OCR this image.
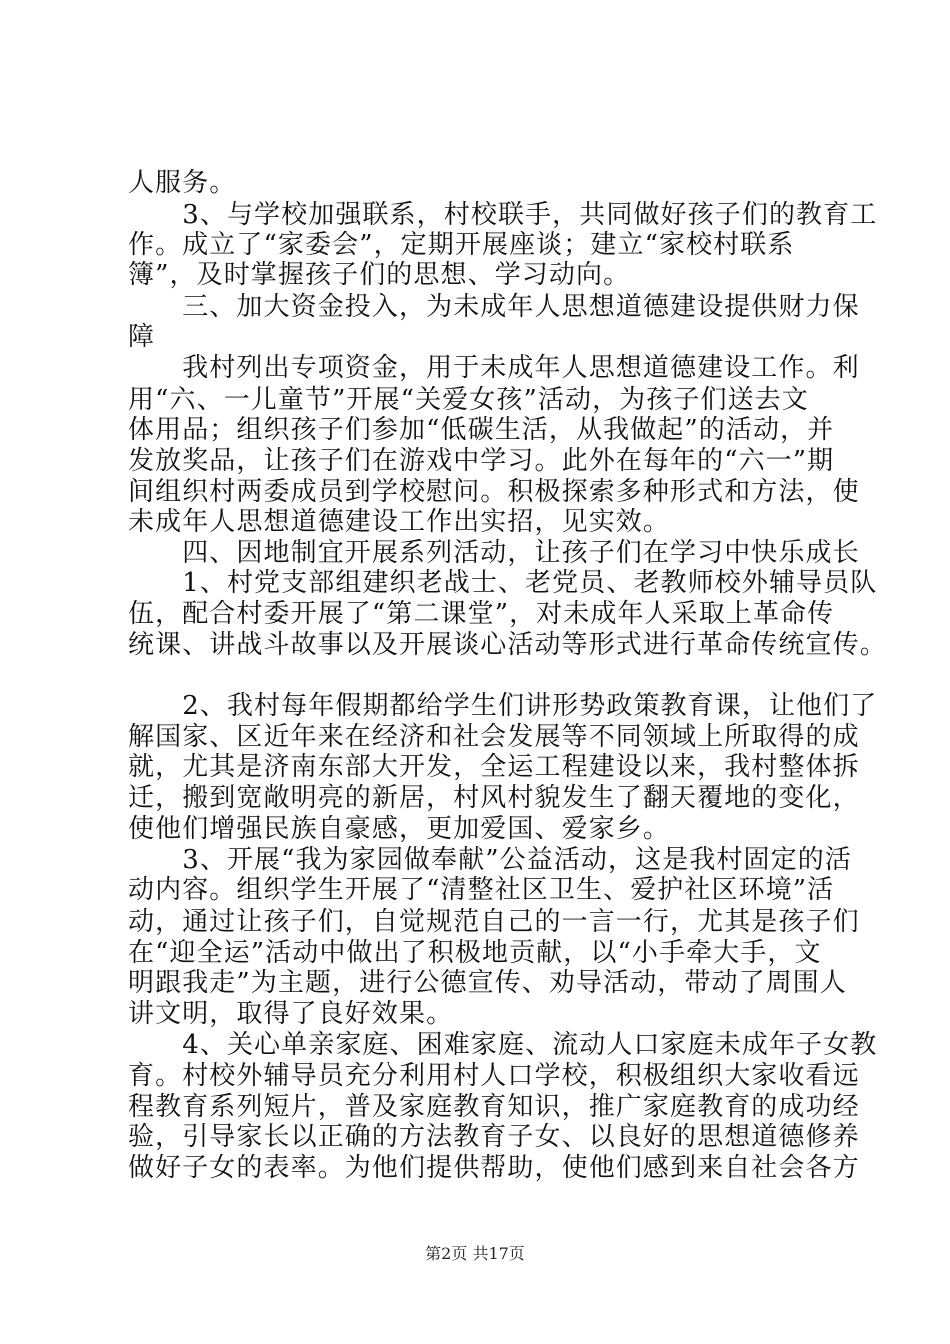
人服务。
　　3、与学校加强联系，村校联手，共同做好孩子们的教育工
作。成立了“家委会”，定期开展座谈；建立“家校村联系
簿”，及时掌握孩子们的思想、学习动向。
　　三、加大资金投入，为未成年人思想道德建设提供财力保
障
　　我村列出专项资金，用于未成年人思想道德建设工作。利
用“六、一儿童节”开展“关爱女孩”活动，为孩子们送去文
体用品；组织孩子们参加“低碳生活，从我做起”的活动，并
发放奖品，让孩子们在游戏中学习。此外在每年的“六一”期
间组织村两委成员到学校慰问。积极探索多种形式和方法，使
未成年人思想道德建设工作出实招，见实效。
　　四、因地制宜开展系列活动，让孩子们在学习中快乐成长
　　1、村党支部组建织老战士、老党员、老教师校外辅导员队
伍，配合村委开展了“第二课堂”，对未成年人采取上革命传
统课、讲战斗故事以及开展谈心活动等形式进行革命传统宣传。
　　2、我村每年假期都给学生们讲形势政策教育课，让他们了
解国家、区近年来在经济和社会发展等不同领域上所取得的成
就，尤其是济南东部大开发，全运工程建设以来，我村整体拆
迁，搬到宽敞明亮的新居，村风村貌发生了翻天覆地的变化，
使他们增强民族自豪感，更加爱国、爱家乡。
　　3、开展“我为家园做奉献”公益活动，这是我村固定的活
动内容。组织学生开展了“清整社区卫生、爱护社区环境”活
动，通过让孩子们，自觉规范自己的一言一行，尤其是孩子们
在“迎全运”活动中做出了积极地贡献，以“小手牵大手，文
明跟我走”为主题，进行公德宣传、劝导活动，带动了周围人
讲文明，取得了良好效果。
　　4、关心单亲家庭、困难家庭、流动人口家庭未成年子女教
育。村校外辅导员充分利用村人口学校，积极组织大家收看远
程教育系列短片，普及家庭教育知识，推广家庭教育的成功经
验，引导家长以正确的方法教育子女、以良好的思想道德修养
做好子女的表率。为他们提供帮助，使他们感到来自社会各方
第2页 共17页
